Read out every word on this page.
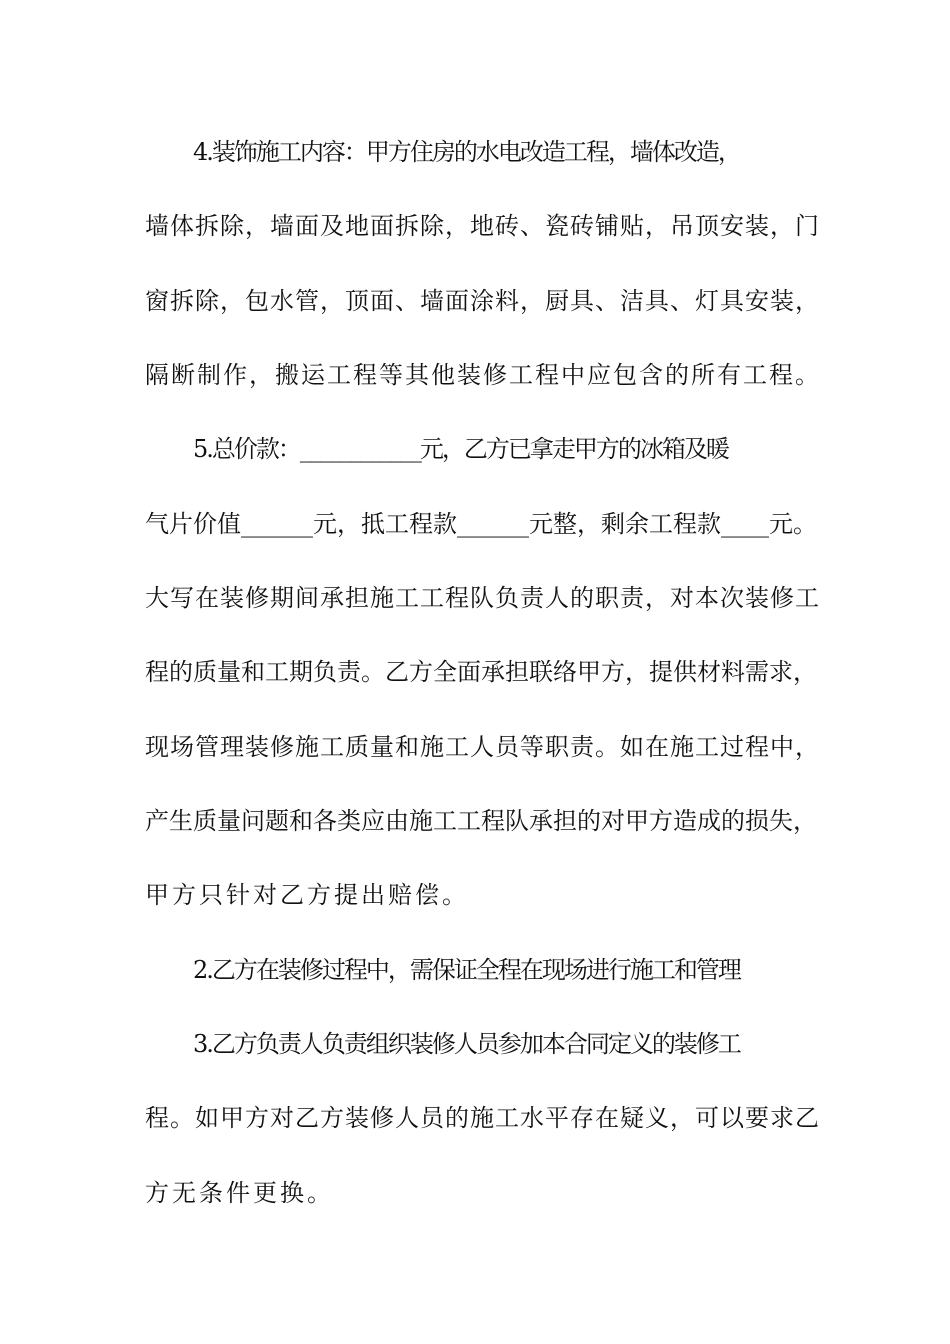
4.装饰施工内容：甲方住房的水电改造工程，墙体改造，
墙体拆除，墙面及地面拆除，地砖、瓷砖铺贴，吊顶安装，门
窗拆除，包水管，顶面、墙面涂料，厨具、洁具、灯具安装，
隔断制作，搬运工程等其他装修工程中应包含的所有工程。
5.总价款：____________元，乙方已拿走甲方的冰箱及暖
气片价值______元，抵工程款______元整，剩余工程款____元。
大写在装修期间承担施工工程队负责人的职责，对本次装修工
程的质量和工期负责。乙方全面承担联络甲方，提供材料需求，
现场管理装修施工质量和施工人员等职责。如在施工过程中，
产生质量问题和各类应由施工工程队承担的对甲方造成的损失，
甲方只针对乙方提出赔偿。
2.乙方在装修过程中，需保证全程在现场进行施工和管理
3.乙方负责人负责组织装修人员参加本合同定义的装修工
程。如甲方对乙方装修人员的施工水平存在疑义，可以要求乙
方无条件更换。
